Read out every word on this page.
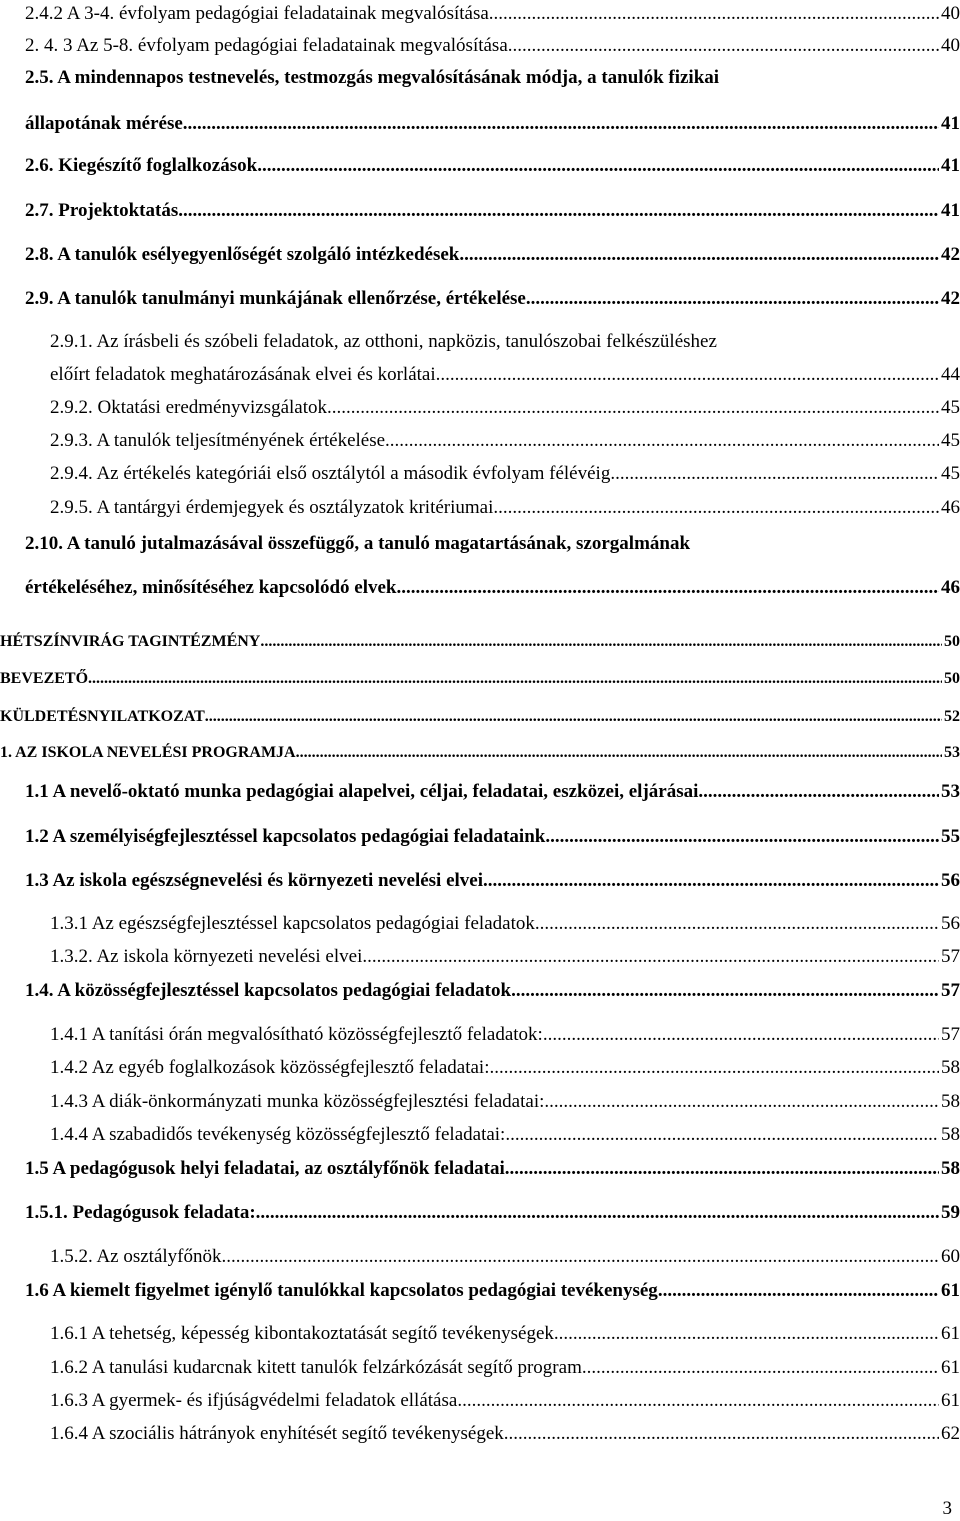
2.4.2 A 3-4. évfolyam pedagógiai feladatainak megvalósítása .....	40
2. 4. 3 Az 5-8. évfolyam pedagógiai feladatainak megvalósítása .....	40
2.5. A mindennapos testnevelés, testmozgás megvalósításának módja, a tanulók fizikai
állapotának mérése .....	41
2.6. Kiegészítő foglalkozások .....	41
2.7. Projektoktatás .....	41
2.8. A tanulók esélyegyenlőségét szolgáló intézkedések .....	42
2.9. A tanulók tanulmányi munkájának ellenőrzése, értékelése .....	42
2.9.1. Az írásbeli és szóbeli feladatok, az otthoni, napközis, tanulószobai felkészüléshez
előírt feladatok meghatározásának elvei és korlátai .....	44
2.9.2. Oktatási eredményvizsgálatok .....	45
2.9.3. A tanulók teljesítményének értékelése .....	45
2.9.4. Az értékelés kategóriái első osztálytól a második évfolyam félévéig .....	45
2.9.5. A tantárgyi érdemjegyek és osztályzatok kritériumai .....	46
2.10. A tanuló jutalmazásával összefüggő, a tanuló magatartásának, szorgalmának
értékeléséhez, minősítéséhez kapcsolódó elvek .....	46
HÉTSZÍNVIRÁG TAGINTÉZMÉNY .....	50
BEVEZETŐ .....	50
KÜLDETÉSNYILATKOZAT .....	52
1. AZ ISKOLA NEVELÉSI PROGRAMJA .....	53
1.1 A nevelő-oktató munka pedagógiai alapelvei, céljai, feladatai, eszközei, eljárásai .....	53
1.2 A személyiségfejlesztéssel kapcsolatos pedagógiai feladataink .....	55
1.3 Az iskola egészségnevelési és környezeti nevelési elvei .....	56
1.3.1 Az egészségfejlesztéssel kapcsolatos pedagógiai feladatok .....	56
1.3.2. Az iskola környezeti nevelési elvei .....	57
1.4. A közösségfejlesztéssel kapcsolatos pedagógiai feladatok .....	57
1.4.1 A tanítási órán megvalósítható közösségfejlesztő feladatok: .....	57
1.4.2 Az egyéb foglalkozások közösségfejlesztő feladatai: .....	58
1.4.3 A diák-önkormányzati munka közösségfejlesztési feladatai: .....	58
1.4.4 A szabadidős tevékenység közösségfejlesztő feladatai: .....	58
1.5 A pedagógusok helyi feladatai, az osztályfőnök feladatai .....	58
1.5.1. Pedagógusok feladata: .....	59
1.5.2. Az osztályfőnök .....	60
1.6 A kiemelt figyelmet igénylő tanulókkal kapcsolatos pedagógiai tevékenység .....	61
1.6.1 A tehetség, képesség kibontakoztatását segítő tevékenységek .....	61
1.6.2 A tanulási kudarcnak kitett tanulók felzárkózását segítő program .....	61
1.6.3 A gyermek- és ifjúságvédelmi feladatok ellátása .....	61
1.6.4 A szociális hátrányok enyhítését segítő tevékenységek .....	62
3
